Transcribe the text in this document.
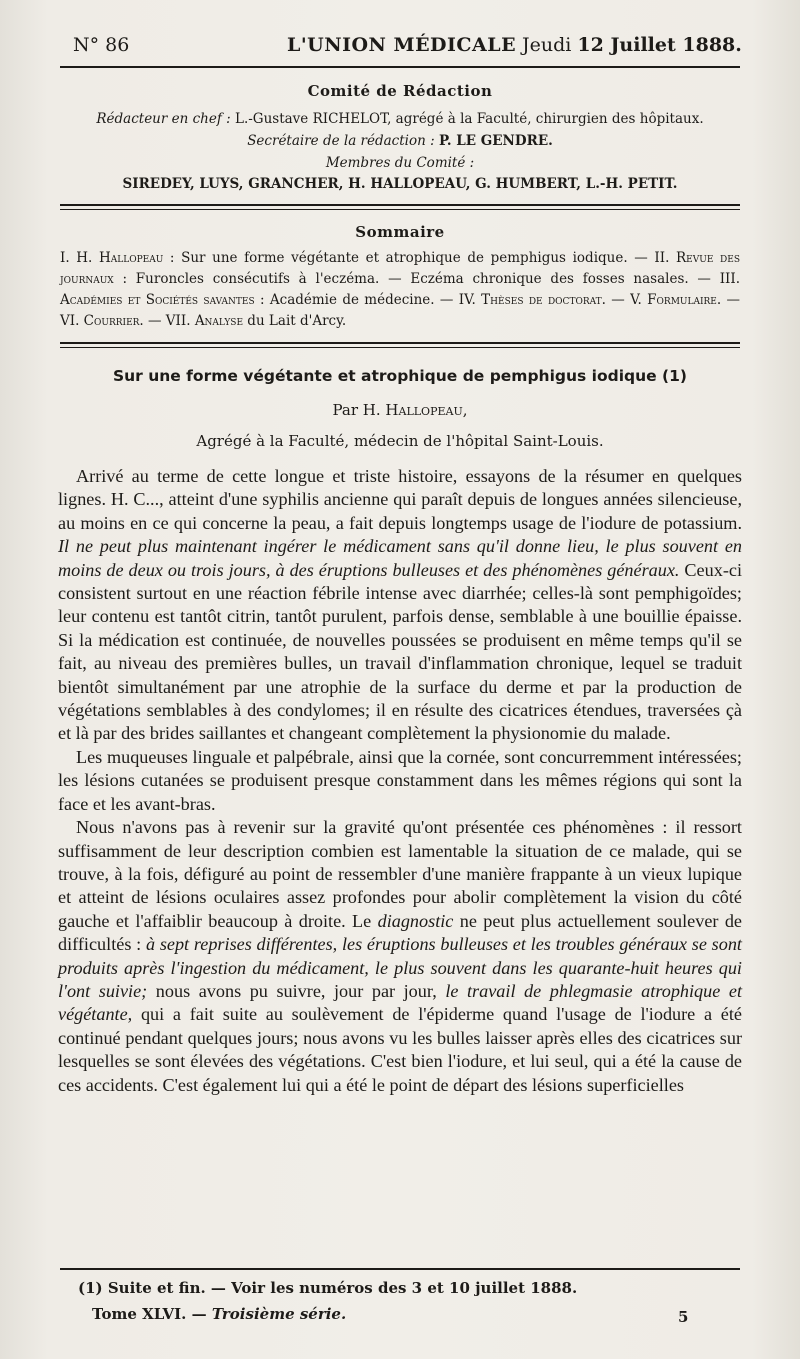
N° 86	L'UNION MÉDICALE Jeudi 12 Juillet 1888.
Comité de Rédaction
Rédacteur en chef : L.-Gustave RICHELOT, agrégé à la Faculté, chirurgien des hôpitaux.
Secrétaire de la rédaction : P. LE GENDRE.
Membres du Comité :
SIREDEY, LUYS, GRANCHER, H. HALLOPEAU, G. HUMBERT, L.-H. PETIT.
Sommaire
I. H. Hallopeau : Sur une forme végétante et atrophique de pemphigus iodique. — II. Revue des journaux : Furoncles consécutifs à l'eczéma. — Eczéma chronique des fosses nasales. — III. Académies et Sociétés savantes : Académie de médecine. — IV. Thèses de doctorat. — V. Formulaire. — VI. Courrier. — VII. Analyse du Lait d'Arcy.
Sur une forme végétante et atrophique de pemphigus iodique (1)
Par H. Hallopeau,
Agrégé à la Faculté, médecin de l'hôpital Saint-Louis.

Arrivé au terme de cette longue et triste histoire, essayons de la résumer en quelques lignes. H. C..., atteint d'une syphilis ancienne qui paraît depuis de longues années silencieuse, au moins en ce qui concerne la peau, a fait depuis longtemps usage de l'iodure de potassium. Il ne peut plus maintenant ingérer le médicament sans qu'il donne lieu, le plus souvent en moins de deux ou trois jours, à des éruptions bulleuses et des phénomènes généraux. Ceux-ci consistent surtout en une réaction fébrile intense avec diarrhée; celles-là sont pemphigoïdes; leur contenu est tantôt citrin, tantôt purulent, parfois dense, semblable à une bouillie épaisse. Si la médication est continuée, de nouvelles poussées se produisent en même temps qu'il se fait, au niveau des premières bulles, un travail d'inflammation chronique, lequel se traduit bientôt simultanément par une atrophie de la surface du derme et par la production de végétations semblables à des condylomes; il en résulte des cicatrices étendues, traversées çà et là par des brides saillantes et changeant complètement la physionomie du malade.

Les muqueuses linguale et palpébrale, ainsi que la cornée, sont concurremment intéressées; les lésions cutanées se produisent presque constamment dans les mêmes régions qui sont la face et les avant-bras.

Nous n'avons pas à revenir sur la gravité qu'ont présentée ces phénomènes : il ressort suffisamment de leur description combien est lamentable la situation de ce malade, qui se trouve, à la fois, défiguré au point de ressembler d'une manière frappante à un vieux lupique et atteint de lésions oculaires assez profondes pour abolir complètement la vision du côté gauche et l'affaiblir beaucoup à droite. Le diagnostic ne peut plus actuellement soulever de difficultés : à sept reprises différentes, les éruptions bulleuses et les troubles généraux se sont produits après l'ingestion du médicament, le plus souvent dans les quarante-huit heures qui l'ont suivie; nous avons pu suivre, jour par jour, le travail de phlegmasie atrophique et végétante, qui a fait suite au soulèvement de l'épiderme quand l'usage de l'iodure a été continué pendant quelques jours; nous avons vu les bulles laisser après elles des cicatrices sur lesquelles se sont élevées des végétations. C'est bien l'iodure, et lui seul, qui a été la cause de ces accidents. C'est également lui qui a été le point de départ des lésions superficielles

(1) Suite et fin. — Voir les numéros des 3 et 10 juillet 1888.
Tome XLVI. — Troisième série.	5
